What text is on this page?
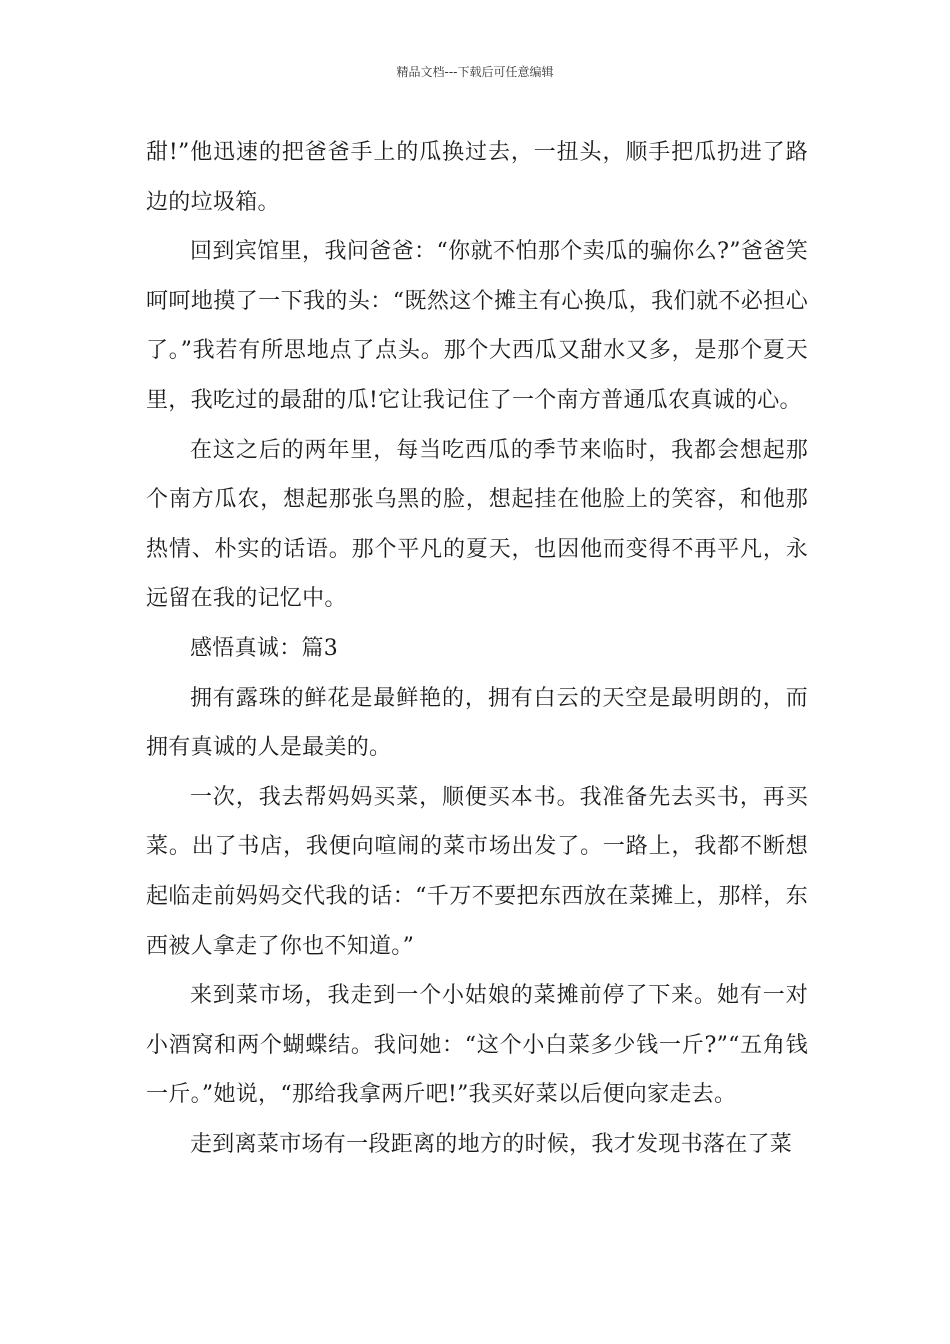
精品文档---下载后可任意编辑

甜!”他迅速的把爸爸手上的瓜换过去，一扭头，顺手把瓜扔进了路边的垃圾箱。

回到宾馆里，我问爸爸：“你就不怕那个卖瓜的骗你么?”爸爸笑呵呵地摸了一下我的头：“既然这个摊主有心换瓜，我们就不必担心了。”我若有所思地点了点头。那个大西瓜又甜水又多，是那个夏天里，我吃过的最甜的瓜!它让我记住了一个南方普通瓜农真诚的心。

在这之后的两年里，每当吃西瓜的季节来临时，我都会想起那个南方瓜农，想起那张乌黑的脸，想起挂在他脸上的笑容，和他那热情、朴实的话语。那个平凡的夏天，也因他而变得不再平凡，永远留在我的记忆中。

感悟真诚：篇3

拥有露珠的鲜花是最鲜艳的，拥有白云的天空是最明朗的，而拥有真诚的人是最美的。

一次，我去帮妈妈买菜，顺便买本书。我准备先去买书，再买菜。出了书店，我便向喧闹的菜市场出发了。一路上，我都不断想起临走前妈妈交代我的话：“千万不要把东西放在菜摊上，那样，东西被人拿走了你也不知道。”

来到菜市场，我走到一个小姑娘的菜摊前停了下来。她有一对小酒窝和两个蝴蝶结。我问她：“这个小白菜多少钱一斤?”“五角钱一斤。”她说，“那给我拿两斤吧!”我买好菜以后便向家走去。

走到离菜市场有一段距离的地方的时候，我才发现书落在了菜
